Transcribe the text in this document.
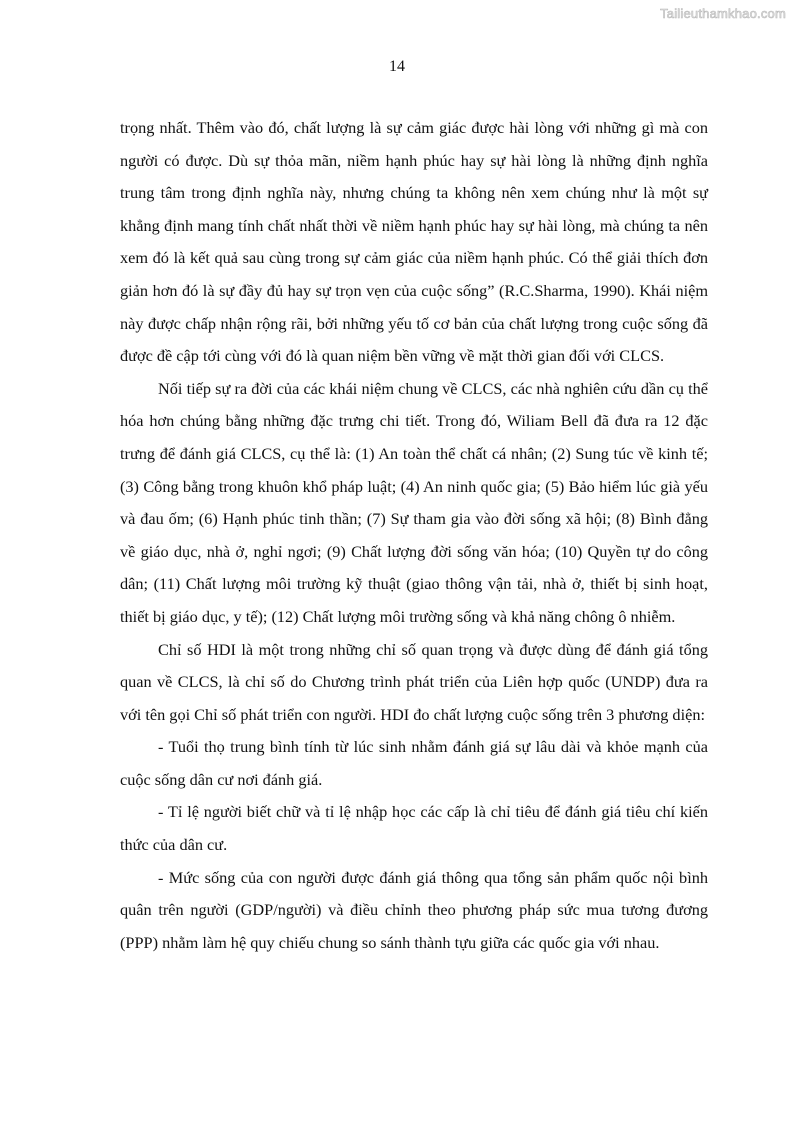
Tailieuthamkhao.com
14

trọng nhất. Thêm vào đó, chất lượng là sự cảm giác được hài lòng với những gì mà con người có được. Dù sự thỏa mãn, niềm hạnh phúc hay sự hài lòng là những định nghĩa trung tâm trong định nghĩa này, nhưng chúng ta không nên xem chúng như là một sự khẳng định mang tính chất nhất thời về niềm hạnh phúc hay sự hài lòng, mà chúng ta nên xem đó là kết quả sau cùng trong sự cảm giác của niềm hạnh phúc. Có thể giải thích đơn giản hơn đó là sự đầy đủ hay sự trọn vẹn của cuộc sống” (R.C.Sharma, 1990). Khái niệm này được chấp nhận rộng rãi, bởi những yếu tố cơ bản của chất lượng trong cuộc sống đã được đề cập tới cùng với đó là quan niệm bền vững về mặt thời gian đối với CLCS.

Nối tiếp sự ra đời của các khái niệm chung về CLCS, các nhà nghiên cứu dần cụ thể hóa hơn chúng bằng những đặc trưng chi tiết. Trong đó, Wiliam Bell đã đưa ra 12 đặc trưng để đánh giá CLCS, cụ thể là: (1) An toàn thể chất cá nhân; (2) Sung túc về kinh tế; (3) Công bằng trong khuôn khổ pháp luật; (4) An ninh quốc gia; (5) Bảo hiểm lúc già yếu và đau ốm; (6) Hạnh phúc tinh thần; (7) Sự tham gia vào đời sống xã hội; (8) Bình đẳng về giáo dục, nhà ở, nghỉ ngơi; (9) Chất lượng đời sống văn hóa; (10) Quyền tự do công dân; (11) Chất lượng môi trường kỹ thuật (giao thông vận tải, nhà ở, thiết bị sinh hoạt, thiết bị giáo dục, y tế); (12) Chất lượng môi trường sống và khả năng chông ô nhiễm.

Chỉ số HDI là một trong những chỉ số quan trọng và được dùng để đánh giá tổng quan về CLCS, là chỉ số do Chương trình phát triển của Liên hợp quốc (UNDP) đưa ra với tên gọi Chỉ số phát triển con người. HDI đo chất lượng cuộc sống trên 3 phương diện:

- Tuổi thọ trung bình tính từ lúc sinh nhằm đánh giá sự lâu dài và khỏe mạnh của cuộc sống dân cư nơi đánh giá.

- Tỉ lệ người biết chữ và tỉ lệ nhập học các cấp là chỉ tiêu để đánh giá tiêu chí kiến thức của dân cư.

- Mức sống của con người được đánh giá thông qua tổng sản phẩm quốc nội bình quân trên người (GDP/người) và điều chỉnh theo phương pháp sức mua tương đương (PPP) nhằm làm hệ quy chiếu chung so sánh thành tựu giữa các quốc gia với nhau.
